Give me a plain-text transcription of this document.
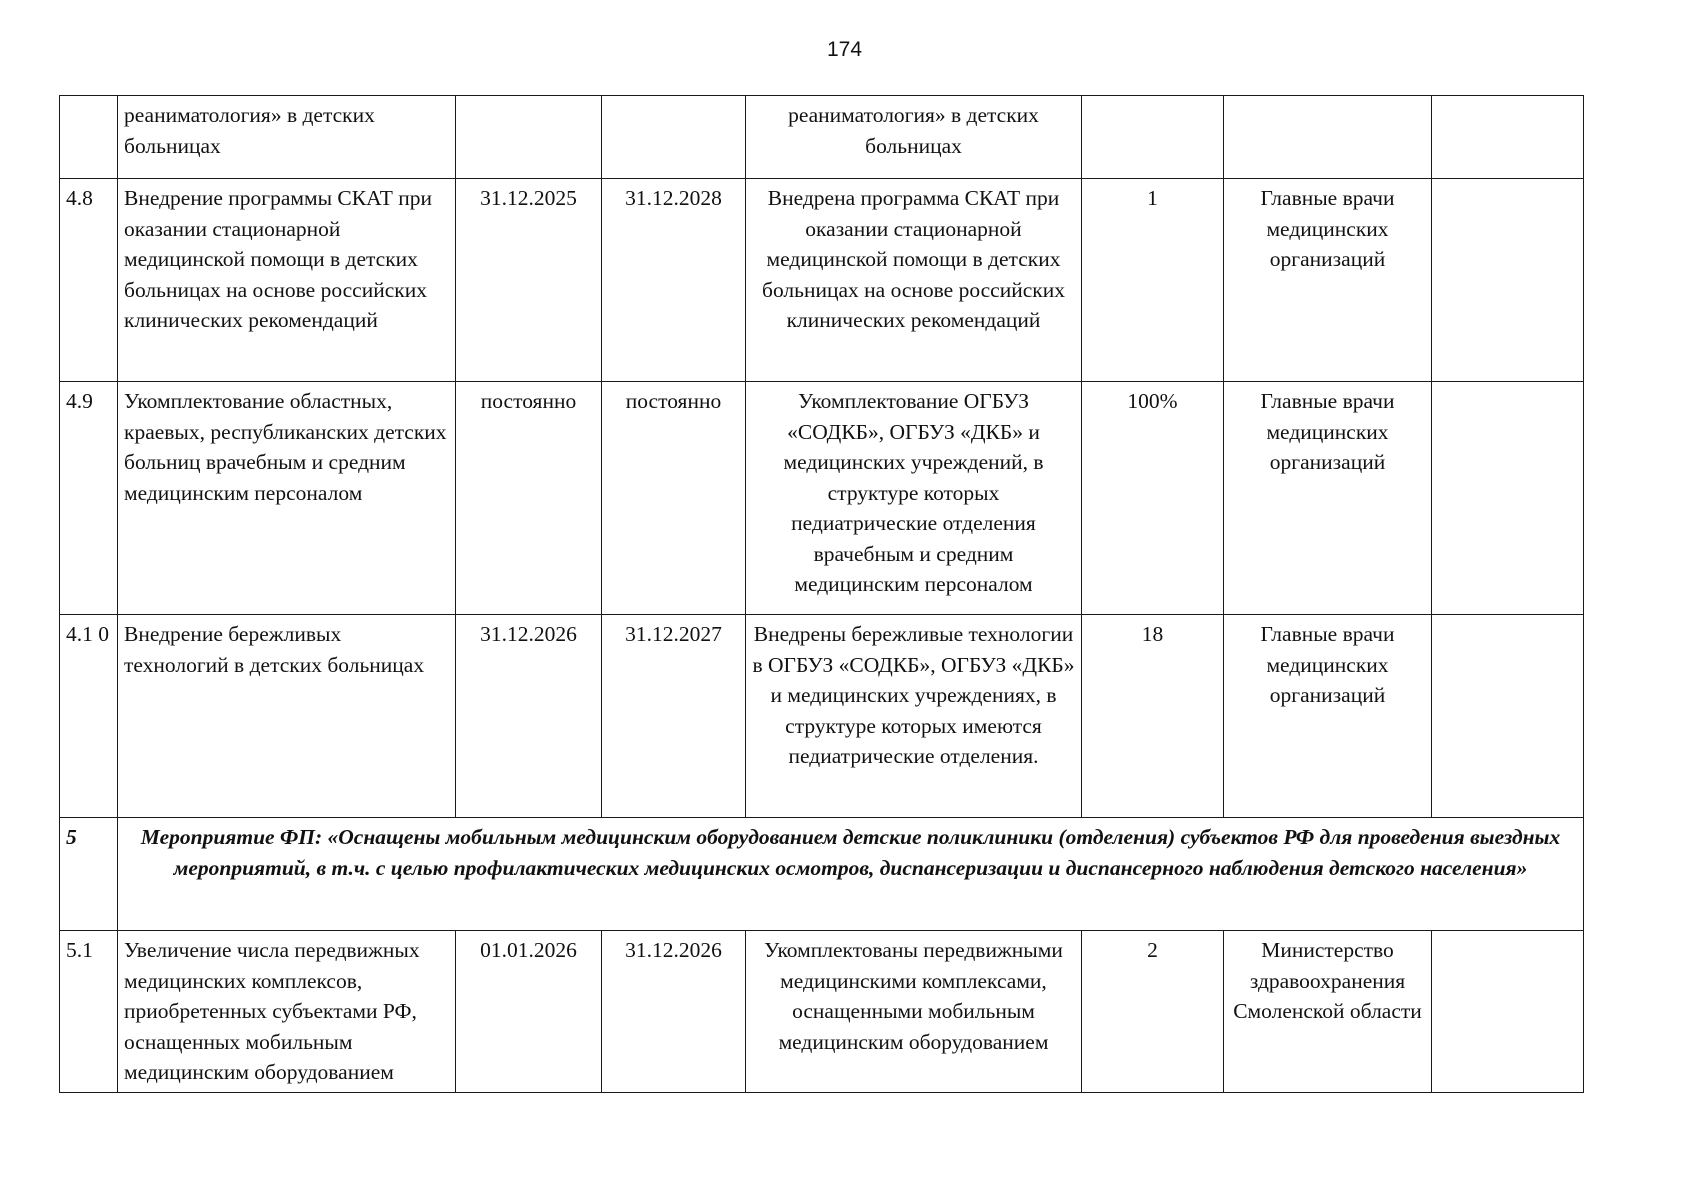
174
	реаниматология» в детских больницах			реаниматология» в детских больницах			
4.8	Внедрение программы СКАТ при оказании стационарной медицинской помощи в детских больницах на основе российских клинических рекомендаций	31.12.2025	31.12.2028	Внедрена программа СКАТ при оказании стационарной медицинской помощи в детских больницах на основе российских клинических рекомендаций	1	Главные врачи медицинских организаций	
4.9	Укомплектование областных, краевых, республиканских детских больниц врачебным и средним медицинским персоналом	постоянно	постоянно	Укомплектование ОГБУЗ «СОДКБ», ОГБУЗ «ДКБ» и медицинских учреждений, в структуре которых педиатрические отделения врачебным и средним медицинским персоналом	100%	Главные врачи медицинских организаций	
4.1 0	Внедрение бережливых технологий в детских больницах	31.12.2026	31.12.2027	Внедрены бережливые технологии в ОГБУЗ «СОДКБ», ОГБУЗ «ДКБ» и медицинских учреждениях, в структуре которых имеются педиатрические отделения.	18	Главные врачи медицинских организаций	
5	Мероприятие ФП: «Оснащены мобильным медицинским оборудованием детские поликлиники (отделения) субъектов РФ для проведения выездных мероприятий, в т.ч. с целью профилактических медицинских осмотров, диспансеризации и диспансерного наблюдения детского населения»						
5.1	Увеличение числа передвижных медицинских комплексов, приобретенных субъектами РФ, оснащенных мобильным медицинским оборудованием	01.01.2026	31.12.2026	Укомплектованы передвижными медицинскими комплексами, оснащенными мобильным медицинским оборудованием	2	Министерство здравоохранения Смоленской области	
